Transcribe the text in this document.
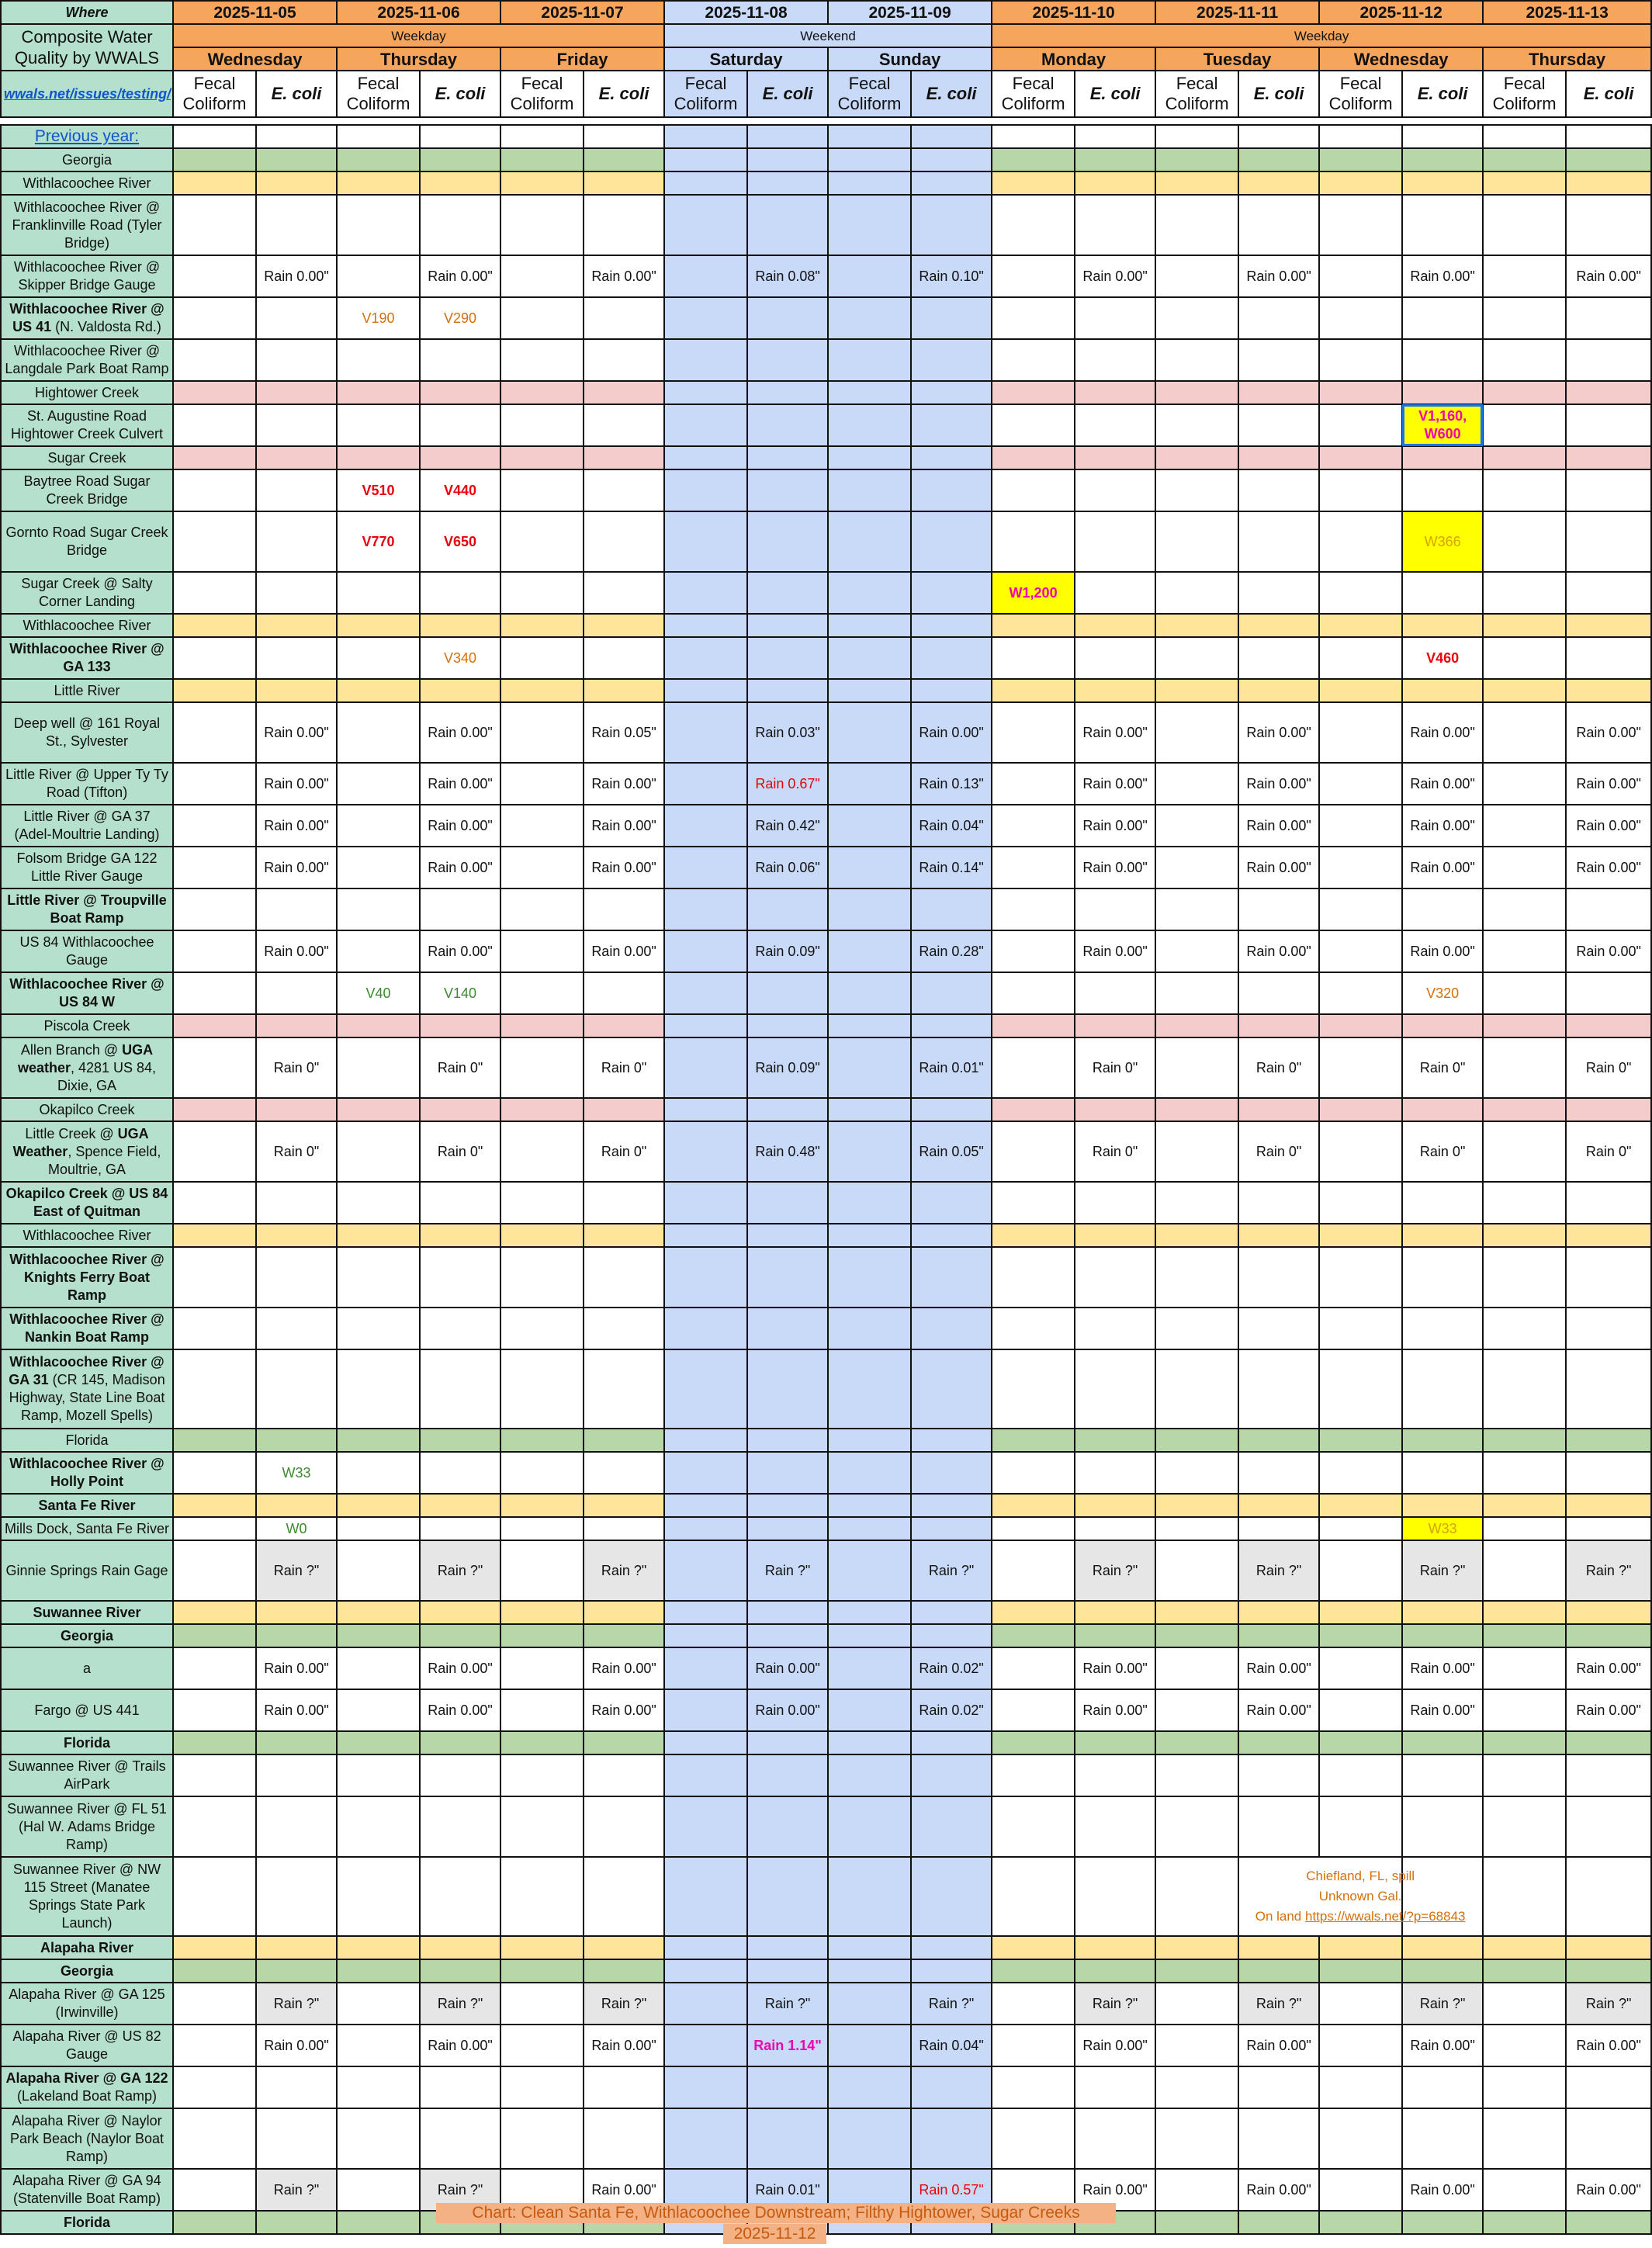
Where	2025-11-05		2025-11-06		2025-11-07		2025-11-08		2025-11-09		2025-11-10		2025-11-11		2025-11-12		2025-11-13	
Composite Water Quality by WWALS	Weekday						Weekend				Weekday							
	Wednesday		Thursday		Friday		Saturday		Sunday		Monday		Tuesday		Wednesday		Thursday	
wwals.net/issues/testing/	Fecal Coliform	E. coli	Fecal Coliform	E. coli	Fecal Coliform	E. coli	Fecal Coliform	E. coli	Fecal Coliform	E. coli	Fecal Coliform	E. coli	Fecal Coliform	E. coli	Fecal Coliform	E. coli	Fecal Coliform	E. coli

Previous year:																		
Georgia																		
Withlacoochee River																		
Withlacoochee River @ Franklinville Road (Tyler Bridge)																		
Withlacoochee River @ Skipper Bridge Gauge		Rain 0.00"		Rain 0.00"		Rain 0.00"		Rain 0.08"		Rain 0.10"		Rain 0.00"		Rain 0.00"		Rain 0.00"		Rain 0.00"
Withlacoochee River @ US 41 (N. Valdosta Rd.)			V190	V290														
Withlacoochee River @ Langdale Park Boat Ramp																		
Hightower Creek																		
St. Augustine Road Hightower Creek Culvert																V1,160, W600		
Sugar Creek																		
Baytree Road Sugar Creek Bridge			V510	V440														
Gornto Road Sugar Creek Bridge			V770	V650												W366		
Sugar Creek @ Salty Corner Landing											W1,200							
Withlacoochee River																		
Withlacoochee River @ GA 133				V340												V460		
Little River																		
Deep well @ 161 Royal St., Sylvester		Rain 0.00"		Rain 0.00"		Rain 0.05"		Rain 0.03"		Rain 0.00"		Rain 0.00"		Rain 0.00"		Rain 0.00"		Rain 0.00"
Little River @ Upper Ty Ty Road (Tifton)		Rain 0.00"		Rain 0.00"		Rain 0.00"		Rain 0.67"		Rain 0.13"		Rain 0.00"		Rain 0.00"		Rain 0.00"		Rain 0.00"
Little River @ GA 37 (Adel-Moultrie Landing)		Rain 0.00"		Rain 0.00"		Rain 0.00"		Rain 0.42"		Rain 0.04"		Rain 0.00"		Rain 0.00"		Rain 0.00"		Rain 0.00"
Folsom Bridge GA 122 Little River Gauge		Rain 0.00"		Rain 0.00"		Rain 0.00"		Rain 0.06"		Rain 0.14"		Rain 0.00"		Rain 0.00"		Rain 0.00"		Rain 0.00"
Little River @ Troupville Boat Ramp																		
US 84 Withlacoochee Gauge		Rain 0.00"		Rain 0.00"		Rain 0.00"		Rain 0.09"		Rain 0.28"		Rain 0.00"		Rain 0.00"		Rain 0.00"		Rain 0.00"
Withlacoochee River @ US 84 W			V40	V140												V320		
Piscola Creek																		
Allen Branch @ UGA weather, 4281 US 84, Dixie, GA		Rain 0"		Rain 0"		Rain 0"		Rain 0.09"		Rain 0.01"		Rain 0"		Rain 0"		Rain 0"		Rain 0"
Okapilco Creek																		
Little Creek @ UGA Weather, Spence Field, Moultrie, GA		Rain 0"		Rain 0"		Rain 0"		Rain 0.48"		Rain 0.05"		Rain 0"		Rain 0"		Rain 0"		Rain 0"
Okapilco Creek @ US 84 East of Quitman																		
Withlacoochee River																		
Withlacoochee River @ Knights Ferry Boat Ramp																		
Withlacoochee River @ Nankin Boat Ramp																		
Withlacoochee River @ GA 31 (CR 145, Madison Highway, State Line Boat Ramp, Mozell Spells)																		
Florida																		
Withlacoochee River @ Holly Point		W33																
Santa Fe River																		
Mills Dock, Santa Fe River		W0														W33		
Ginnie Springs Rain Gage		Rain ?"		Rain ?"		Rain ?"		Rain ?"		Rain ?"		Rain ?"		Rain ?"		Rain ?"		Rain ?"
Suwannee River																		
Georgia																		
a		Rain 0.00"		Rain 0.00"		Rain 0.00"		Rain 0.00"		Rain 0.02"		Rain 0.00"		Rain 0.00"		Rain 0.00"		Rain 0.00"
Fargo @ US 441		Rain 0.00"		Rain 0.00"		Rain 0.00"		Rain 0.00"		Rain 0.02"		Rain 0.00"		Rain 0.00"		Rain 0.00"		Rain 0.00"
Florida																		
Suwannee River @ Trails AirPark																		
Suwannee River @ FL 51 (Hal W. Adams Bridge Ramp)																		
Suwannee River @ NW 115 Street (Manatee Springs State Park Launch)															Chiefland, FL, spill
Unknown Gal.
On land https://wwals.net/?p=68843			

Alapaha River																		
Georgia																		
Alapaha River @ GA 125 (Irwinville)		Rain ?"		Rain ?"		Rain ?"		Rain ?"		Rain ?"		Rain ?"		Rain ?"		Rain ?"		Rain ?"
Alapaha River @ US 82 Gauge		Rain 0.00"		Rain 0.00"		Rain 0.00"		Rain 1.14"		Rain 0.04"		Rain 0.00"		Rain 0.00"		Rain 0.00"		Rain 0.00"
Alapaha River @ GA 122 (Lakeland Boat Ramp)																		
Alapaha River @ Naylor Park Beach (Naylor Boat Ramp)																		
Alapaha River @ GA 94 (Statenville Boat Ramp)		Rain ?"		Rain ?"		Rain 0.00"		Rain 0.01"		Rain 0.57"		Rain 0.00"		Rain 0.00"		Rain 0.00"		Rain 0.00"
Florida																		
Chart: Clean Santa Fe, Withlacoochee Downstream; Filthy Hightower, Sugar Creeks
2025-11-12
